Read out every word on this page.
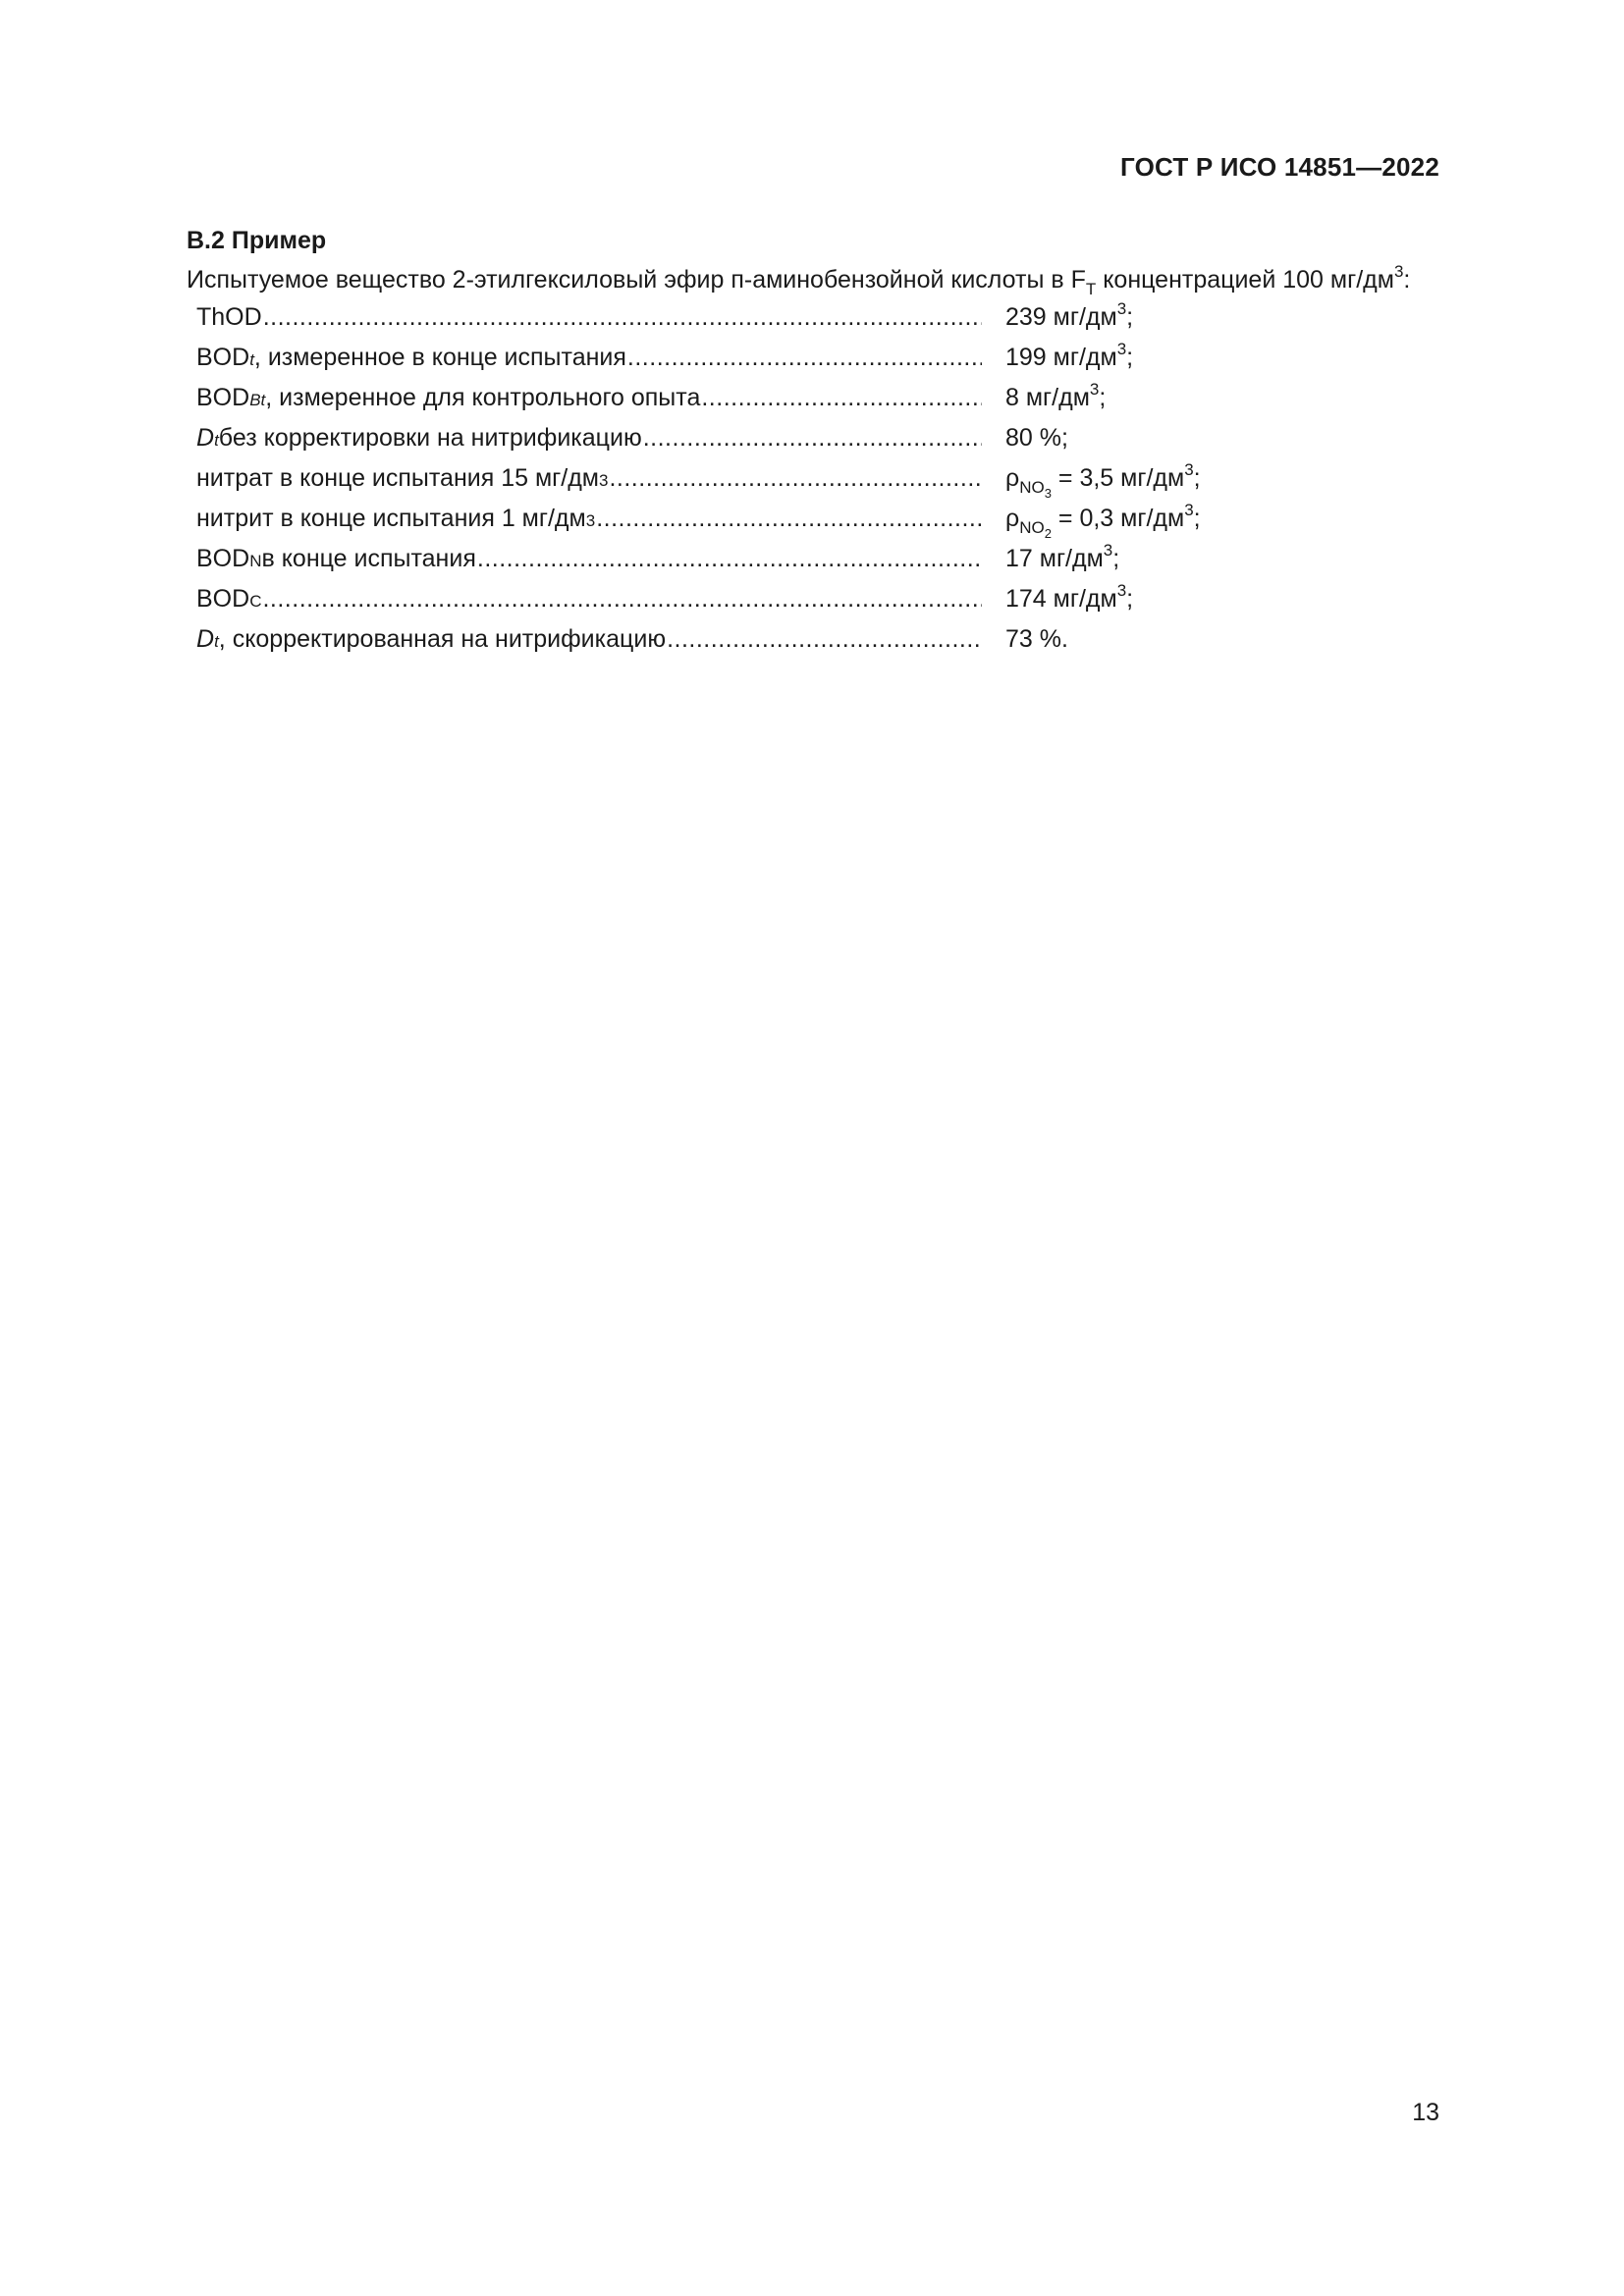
ГОСТ Р ИСО 14851—2022
В.2 Пример
Испытуемое вещество 2-этилгексиловый эфир п-аминобензойной кислоты в $F_T$ концентрацией 100 $мг/дм^3$:
ThOD .....	239 $мг/дм^3$;
BOD t , измеренное в конце испытания .....	199 $мг/дм^3$;
BOD Bt , измеренное для контрольного опыта .....	8 $мг/дм^3$;
D t без корректировки на нитрификацию .....	80 %;
нитрат в конце испытания 15 мг/дм 3 .....	$\rho_{NO_3} = 3,5$ $мг/дм^3$;
нитрит в конце испытания 1 мг/дм 3 .....	$\rho_{NO_2} = 0,3$ $мг/дм^3$;
BOD N в конце испытания .....	17 $мг/дм^3$;
BOD C .....	174 $мг/дм^3$;
D t , скорректированная на нитрификацию .....	73 %.
13
